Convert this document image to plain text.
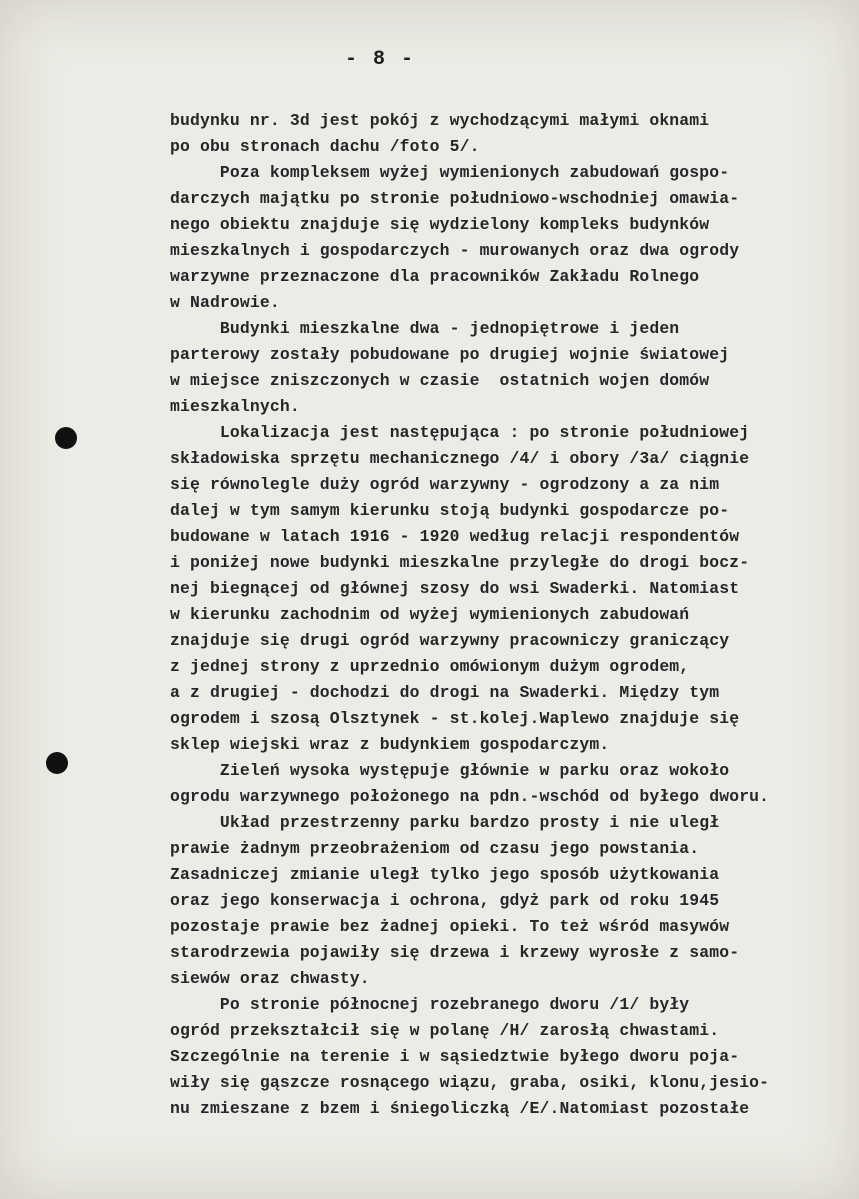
- 8 -
budynku nr. 3d jest pokój z wychodzącymi małymi oknami
po obu stronach dachu /foto 5/.
Poza kompleksem wyżej wymienionych zabudowań gospo-
darczych majątku po stronie południowo-wschodniej omawia-
nego obiektu znajduje się wydzielony kompleks budynków
mieszkalnych i gospodarczych - murowanych oraz dwa ogrody
warzywne przeznaczone dla pracowników Zakładu Rolnego
w Nadrowie.
Budynki mieszkalne dwa - jednopiętrowe i jeden
parterowy zostały pobudowane po drugiej wojnie światowej
w miejsce zniszczonych w czasie  ostatnich wojen domów
mieszkalnych.
Lokalizacja jest następująca : po stronie południowej
składowiska sprzętu mechanicznego /4/ i obory /3a/ ciągnie
się równolegle duży ogród warzywny - ogrodzony a za nim
dalej w tym samym kierunku stoją budynki gospodarcze po-
budowane w latach 1916 - 1920 według relacji respondentów
i poniżej nowe budynki mieszkalne przyległe do drogi bocz-
nej biegnącej od głównej szosy do wsi Swaderki. Natomiast
w kierunku zachodnim od wyżej wymienionych zabudowań
znajduje się drugi ogród warzywny pracowniczy graniczący
z jednej strony z uprzednio omówionym dużym ogrodem,
a z drugiej - dochodzi do drogi na Swaderki. Między tym
ogrodem i szosą Olsztynek - st.kolej.Waplewo znajduje się
sklep wiejski wraz z budynkiem gospodarczym.
Zieleń wysoka występuje głównie w parku oraz wokoło
ogrodu warzywnego położonego na pdn.-wschód od byłego dworu.
Układ przestrzenny parku bardzo prosty i nie uległ
prawie żadnym przeobrażeniom od czasu jego powstania.
Zasadniczej zmianie uległ tylko jego sposób użytkowania
oraz jego konserwacja i ochrona, gdyż park od roku 1945
pozostaje prawie bez żadnej opieki. To też wśród masywów
starodrzewia pojawiły się drzewa i krzewy wyrosłe z samo-
siewów oraz chwasty.
Po stronie północnej rozebranego dworu /1/ były
ogród przekształcił się w polanę /H/ zarosłą chwastami.
Szczególnie na terenie i w sąsiedztwie byłego dworu poja-
wiły się gąszcze rosnącego wiązu, graba, osiki, klonu,jesio-
nu zmieszane z bzem i śniegoliczką /E/.Natomiast pozostałe
